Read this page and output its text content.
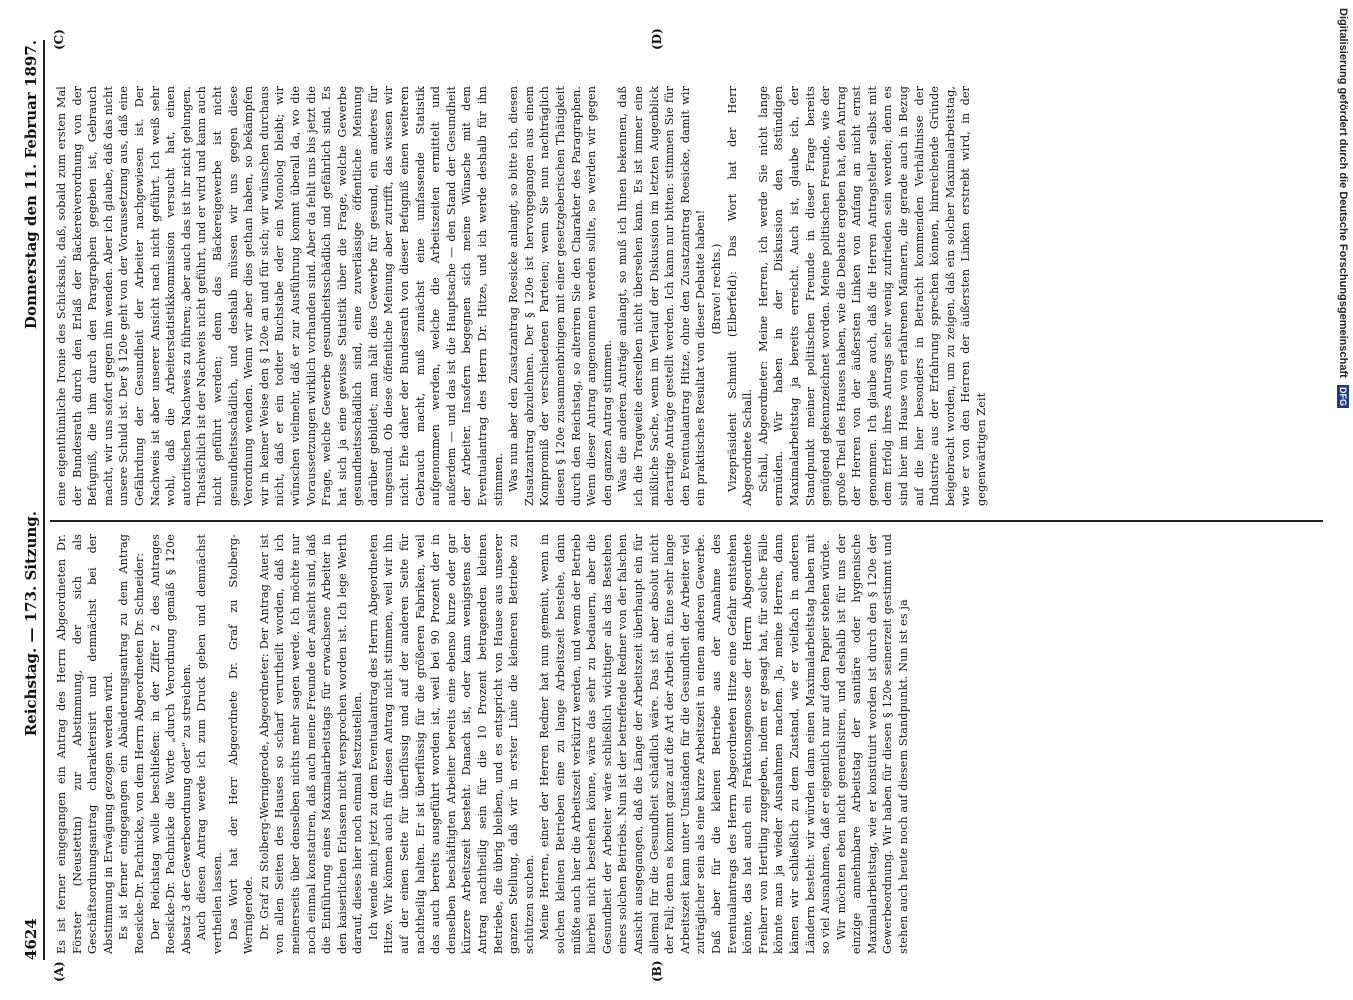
4624
Reichstag. — 173. Sitzung.
Donnerstag den 11. Februar 1897.

Es ist ferner eingegangen ein Antrag des Herrn Abgeordneten Dr. Förster (Neustettin) zur Abstimmung, der sich als Geschäftsordnungsantrag charakterisirt und demnächst bei der Abstimmung in Erwägung gezogen werden wird. Es ist ferner eingegangen ein Abänderungsantrag zu dem Antrag Roesicke-Dr. Pachnicke, von dem Herrn Abgeordneten Dr. Schneider: Der Reichstag wolle beschließen: in der Ziffer 2 des Antrages Roesicke-Dr. Pachnicke die Worte „durch Verordnung gemäß § 120e Absatz 3 der Gewerbeordnung oder“ zu streichen. Auch diesen Antrag werde ich zum Druck geben und demnächst vertheilen lassen. Das Wort hat der Herr Abgeordnete Dr. Graf zu Stolberg-Wernigerode. Dr. Graf zu Stolberg-Wernigerode, Abgeordneter: Der Antrag Auer ist von allen Seiten des Hauses so scharf verurtheilt worden, daß ich meinerseits über denselben nichts mehr sagen werde. Ich möchte nur noch einmal konstatiren, daß auch meine Freunde der Ansicht sind, daß die Einführung eines Maximalarbeitstags für erwachsene Arbeiter in den kaiserlichen Erlassen nicht versprochen worden ist. Ich lege Werth darauf, dieses hier noch einmal festzustellen. Ich wende mich jetzt zu dem Eventualantrag des Herrn Abgeordneten Hitze. Wir können auch für diesen Antrag nicht stimmen, weil wir ihn auf der einen Seite für überflüssig und auf der anderen Seite für nachtheilig halten. Er ist überflüssig für die größeren Fabriken, weil das auch bereits ausgeführt worden ist, weil bei 90 Prozent der in denselben beschäftigten Arbeiter bereits eine ebenso kurze oder gar kürzere Arbeitszeit besteht. Danach ist, oder kann wenigstens der Antrag nachtheilig sein für die 10 Prozent betragenden kleinen Betriebe, die übrig bleiben, und es entspricht von Hause aus unserer ganzen Stellung, daß wir in erster Linie die kleineren Betriebe zu schützen suchen. Meine Herren, einer der Herren Redner hat nun gemeint, wenn in solchen kleinen Betrieben eine zu lange Arbeitszeit bestehe, dann müßte auch hier die Arbeitszeit verkürzt werden, und wenn der Betrieb hierbei nicht bestehen könne, wäre das sehr zu bedauern, aber die Gesundheit der Arbeiter wäre schließlich wichtiger als das Bestehen eines solchen Betriebs. Nun ist der betreffende Redner von der falschen Ansicht ausgegangen, daß die Länge der Arbeitszeit überhaupt ein für allemal für die Gesundheit schädlich wäre. Das ist aber absolut nicht der Fall; denn es kommt ganz auf die Art der Arbeit an. Eine sehr lange Arbeitszeit kann unter Umständen für die Gesundheit der Arbeiter viel zuträglicher sein als eine kurze Arbeitszeit in einem anderen Gewerbe. Daß aber für die kleinen Betriebe aus der Annahme des Eventualantrags des Herrn Abgeordneten Hitze eine Gefahr entstehen könnte, das hat auch ein Fraktionsgenosse der Herrn Abgeordnete Freiherr von Hertling zugegeben, indem er gesagt hat, für solche Fälle könnte man ja wieder Ausnahmen machen. Ja, meine Herren, dann kämen wir schließlich zu dem Zustand, wie er vielfach in anderen Ländern besteht: wir würden dann einen Maximalarbeitstag haben mit so viel Ausnahmen, daß er eigentlich nur auf dem Papier stehen würde. Wir möchten eben nicht generalisiren, und deshalb ist für uns der einzige annehmbare Arbeitstag der sanitäre oder hygienische Maximalarbeitstag, wie er konstituirt worden ist durch den § 120e der Gewerbeordnung. Wir haben für diesen § 120e seinerzeit gestimmt und stehen auch heute noch auf diesem Standpunkt. Nun ist es ja

eine eigenthümliche Ironie des Schicksals, daß, sobald zum ersten Mal der Bundesrath durch den Erlaß der Bäckereiverordnung von der Befugniß, die ihm durch den Paragraphen gegeben ist, Gebrauch macht, wir uns sofort gegen ihn wenden. Aber ich glaube, daß das nicht unsere Schuld ist. Der § 120e geht von der Voraussetzung aus, daß eine Gefährdung der Gesundheit der Arbeiter nachgewiesen ist. Der Nachweis ist aber unserer Ansicht nach nicht geführt. Ich weiß sehr wohl, daß die Arbeiterstatistikkommission versucht hat, einen autoritischen Nachweis zu führen; aber auch das ist ihr nicht gelungen. Thatsächlich ist der Nachweis nicht geführt, und er wird und kann auch nicht geführt werden; denn das Bäckereigewerbe ist nicht gesundheitsschädlich, und deshalb müssen wir uns gegen diese Verordnung wenden. Wenn wir aber dies gethan haben, so bekämpfen wir in keiner Weise den § 120e an und für sich; wir wünschen durchaus nicht, daß er ein todter Buchstabe oder ein Monolog bleibt; wir wünschen vielmehr, daß er zur Ausführung kommt überall da, wo die Voraussetzungen wirklich vorhanden sind. Aber da fehlt uns bis jetzt die Frage, welche Gewerbe gesundheitsschädlich und gefährlich sind. Es hat sich ja eine gewisse Statistik über die Frage, welche Gewerbe gesundheitsschädlich sind, eine zuverlässige öffentliche Meinung darüber gebildet; man hält dies Gewerbe für gesund, ein anderes für ungesund. Ob diese öffentliche Meinung aber zutrifft, das wissen wir nicht. Ehe daher der Bundesrath von dieser Befugniß einen weiteren Gebrauch macht, muß zunächst eine umfassende Statistik aufgenommen werden, welche die Arbeitszeiten ermittelt und außerdem — und das ist die Hauptsache — den Stand der Gesundheit der Arbeiter. Insofern begegnen sich meine Wünsche mit dem Eventualantrag des Herrn Dr. Hitze, und ich werde deshalb für ihn stimmen. Was nun aber den Zusatzantrag Roesicke anlangt, so bitte ich, diesen Zusatzantrag abzulehnen. Der § 120e ist hervorgegangen aus einem Kompromiß der verschiedenen Parteien; wenn Sie nun nachträglich diesen § 120e zusammenbringen mit einer gesetzgeberischen Thätigkeit durch den Reichstag, so alteriren Sie den Charakter des Paragraphen. Wenn dieser Antrag angenommen werden sollte, so werden wir gegen den ganzen Antrag stimmen. Was die anderen Anträge anlangt, so muß ich Ihnen bekennen, daß ich die Tragweite derselben nicht übersehen kann. Es ist immer eine mißliche Sache, wenn im Verlauf der Diskussion im letzten Augenblick derartige Anträge gestellt werden. Ich kann nur bitten: stimmen Sie für den Eventualantrag Hitze, ohne den Zusatzantrag Roesicke, damit wir ein praktisches Resultat von dieser Debatte haben! (Bravo! rechts.) Vizepräsident Schmidt (Elberfeld): Das Wort hat der Herr Abgeordnete Schall. Schall, Abgeordneter: Meine Herren, ich werde Sie nicht lange ermüden. Wir haben in der Diskussion den 8stündigen Maximalarbeitstag ja bereits erreicht. Auch ist, glaube ich, der Standpunkt meiner politischen Freunde in dieser Frage bereits genügend gekennzeichnet worden. Meine politischen Freunde, wie der große Theil des Hauses haben, wie die Debatte ergeben hat, den Antrag der Herren von der äußersten Linken von Anfang an nicht ernst genommen. Ich glaube auch, daß die Herren Antragsteller selbst mit dem Erfolg ihres Antrags sehr wenig zufrieden sein werden; denn es sind hier im Hause von erfahrenen Männern, die gerade auch in Bezug auf die hier besonders in Betracht kommenden Verhältnisse der Industrie aus der Erfahrung sprechen können, hinreichende Gründe beigebracht worden, um zu zeigen, daß ein solcher Maximalarbeitstag, wie er von den Herren der äußersten Linken erstrebt wird, in der gegenwärtigen Zeit

(A)	(B)
(C)	(D)	Digitalisierung gefördert durch die Deutsche Forschungsgemeinschaft DFG
